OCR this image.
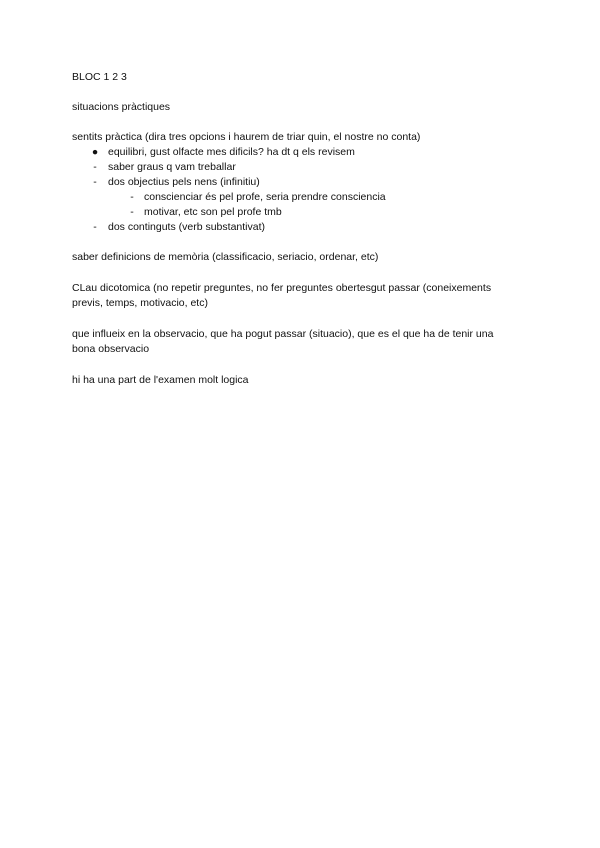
BLOC 1 2 3

situacions pràctiques

sentits pràctica (dira tres opcions i haurem de triar quin, el nostre no conta)

● equilibri, gust olfacte mes dificils? ha dt q els revisem
-	saber graus q vam treballar
-	dos objectius pels nens (infinitiu)
- conscienciar és pel profe, seria prendre consciencia
- motivar, etc son pel profe tmb
-	dos continguts (verb substantivat)

saber definicions de memòria (classificacio, seriacio, ordenar, etc)

CLau dicotomica (no repetir preguntes, no fer preguntes obertesgut passar (coneixements

previs, temps, motivacio, etc)

que influeix en la observacio, que ha pogut passar (situacio), que es el que ha de tenir una

bona observacio

hi ha una part de l'examen molt logica
